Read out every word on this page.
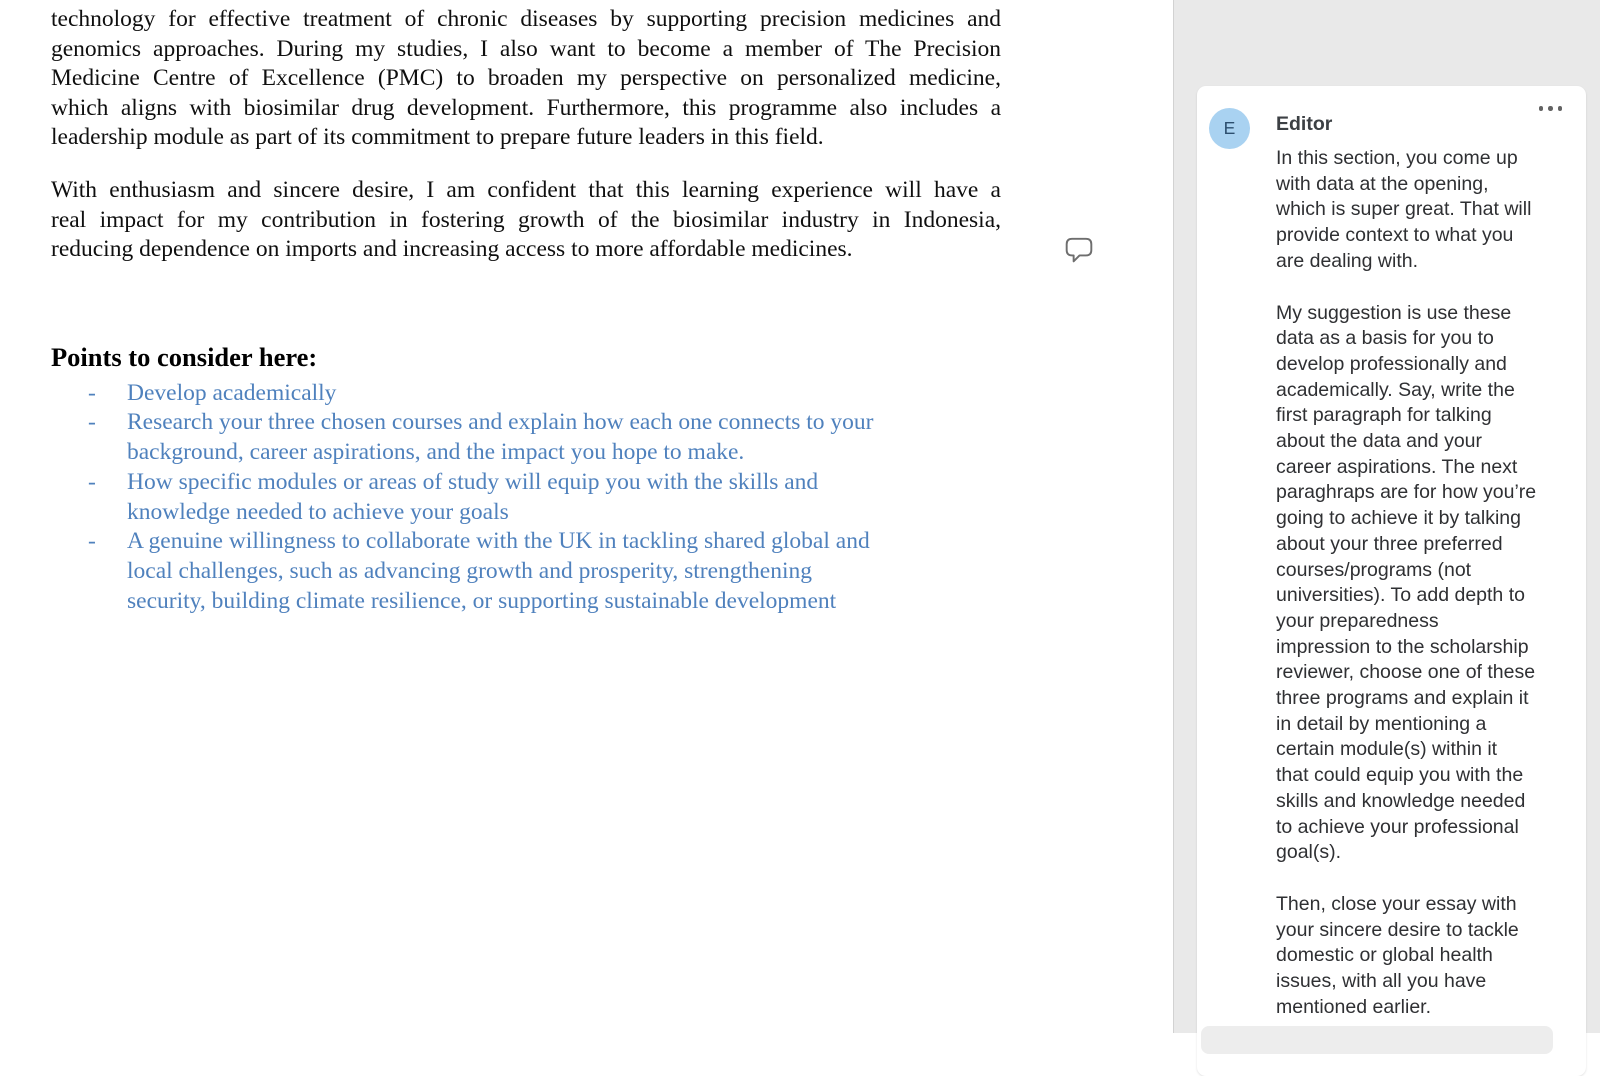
technology for effective treatment of chronic diseases by supporting precision medicines and
genomics approaches. During my studies, I also want to become a member of The Precision
Medicine Centre of Excellence (PMC) to broaden my perspective on personalized medicine,
which aligns with biosimilar drug development. Furthermore, this programme also includes a
leadership module as part of its commitment to prepare future leaders in this field.
With enthusiasm and sincere desire, I am confident that this learning experience will have a
real impact for my contribution in fostering growth of the biosimilar industry in Indonesia,
reducing dependence on imports and increasing access to more affordable medicines.
Points to consider here:
- Develop academically
- Research your three chosen courses and explain how each one connects to your
background, career aspirations, and the impact you hope to make.
- How specific modules or areas of study will equip you with the skills and
knowledge needed to achieve your goals
- A genuine willingness to collaborate with the UK in tackling shared global and
local challenges, such as advancing growth and prosperity, strengthening
security, building climate resilience, or supporting sustainable development
E	Editor
In this section, you come up
with data at the opening,
which is super great. That will
provide context to what you
are dealing with.
My suggestion is use these
data as a basis for you to
develop professionally and
academically. Say, write the
first paragraph for talking
about the data and your
career aspirations. The next
paraghraps are for how you’re
going to achieve it by talking
about your three preferred
courses/programs (not
universities). To add depth to
your preparedness
impression to the scholarship
reviewer, choose one of these
three programs and explain it
in detail by mentioning a
certain module(s) within it
that could equip you with the
skills and knowledge needed
to achieve your professional
goal(s).
Then, close your essay with
your sincere desire to tackle
domestic or global health
issues, with all you have
mentioned earlier.
